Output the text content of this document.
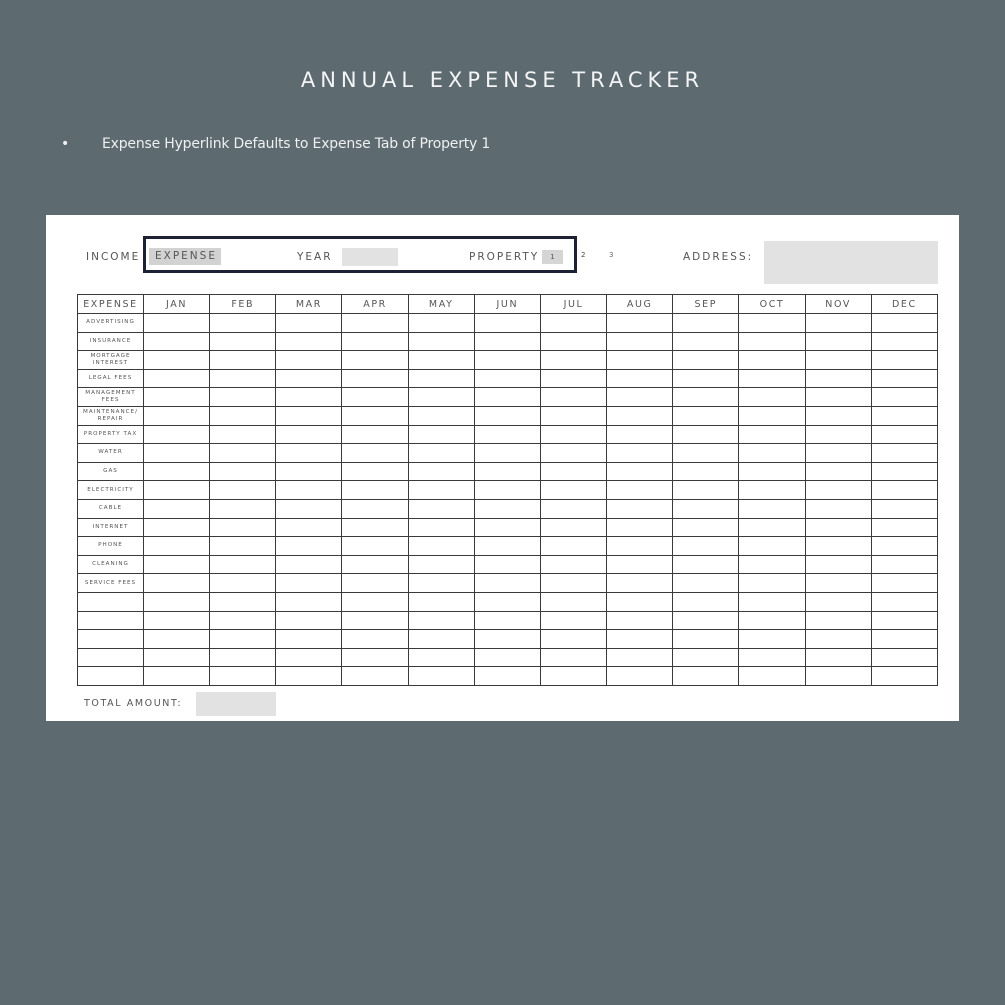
ANNUAL EXPENSE TRACKER
• Expense Hyperlink Defaults to Expense Tab of Property 1
INCOME	EXPENSE	YEAR	PROPERTY	1	2	3	ADDRESS:
EXPENSE	JAN	FEB	MAR	APR	MAY	JUN	JUL	AUG	SEP	OCT	NOV	DEC
ADVERTISING												
INSURANCE												
MORTGAGE INTEREST												
LEGAL FEES												
MANAGEMENT FEES												
MAINTENANCE/ REPAIR												
PROPERTY TAX												
WATER												
GAS												
ELECTRICITY												
CABLE												
INTERNET												
PHONE												
CLEANING												
SERVICE FEES												

TOTAL AMOUNT:
